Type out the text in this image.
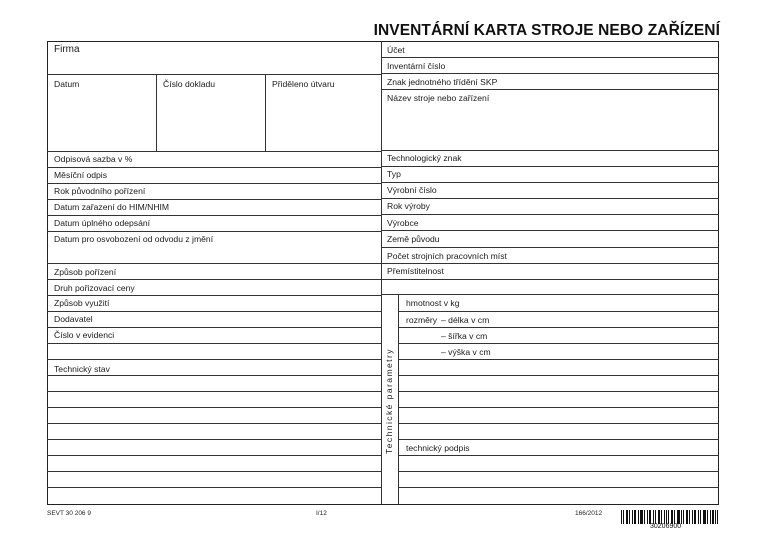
INVENTÁRNÍ KARTA STROJE NEBO ZAŘÍZENÍ
Firma
Datum	Číslo dokladu	Přiděleno útvaru
Odpisová sazba v %
Měsíční odpis
Rok původního pořízení
Datum zařazení do HIM/NHIM
Datum úplného odepsání
Datum pro osvobození od odvodu z jmění
Způsob pořízení
Druh pořizovací ceny
Způsob využití
Dodavatel
Číslo v evidenci
Technický stav
Účet
Inventární číslo
Znak jednotného třídění SKP
Název stroje nebo zařízení
Technologický znak
Typ
Výrobní číslo
Rok výroby
Výrobce
Země původu
Počet strojních pracovních míst
Přemístitelnost
Technické parametry
hmotnost v kg
rozměry – délka v cm
– šířka v cm
– výška v cm
technický podpis
SEVT 30 206 9	I/12	166/2012
30206900
